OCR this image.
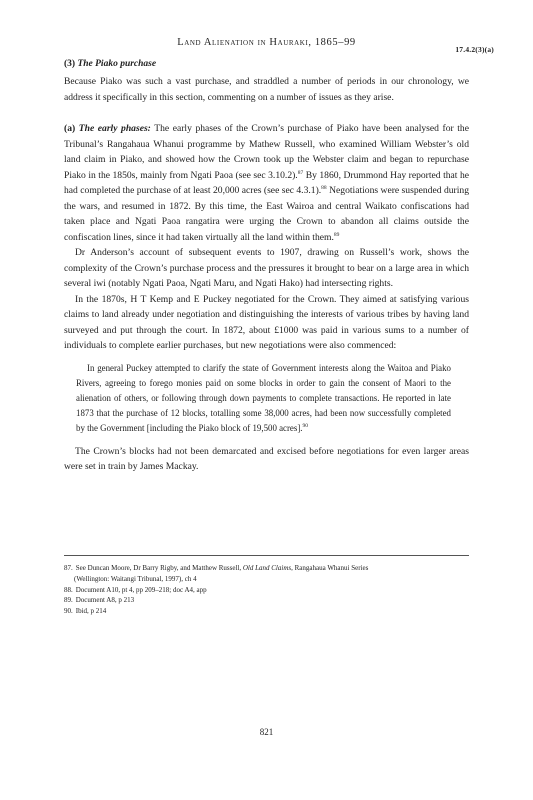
Land Alienation in Hauraki, 1865–99
17.4.2(3)(a)
(3) The Piako purchase

Because Piako was such a vast purchase, and straddled a number of periods in our chronology, we address it specifically in this section, commenting on a number of issues as they arise.

(a) The early phases: The early phases of the Crown’s purchase of Piako have been analysed for the Tribunal’s Rangahaua Whanui programme by Mathew Russell, who examined William Webster’s old land claim in Piako, and showed how the Crown took up the Webster claim and began to repurchase Piako in the 1850s, mainly from Ngati Paoa (see sec 3.10.2).$^{87}$ By 1860, Drummond Hay reported that he had completed the purchase of at least 20,000 acres (see sec 4.3.1).$^{88}$ Negotiations were suspended during the wars, and resumed in 1872. By this time, the East Wairoa and central Waikato confiscations had taken place and Ngati Paoa rangatira were urging the Crown to abandon all claims outside the confiscation lines, since it had taken virtually all the land within them.$^{89}$

Dr Anderson’s account of subsequent events to 1907, drawing on Russell’s work, shows the complexity of the Crown’s purchase process and the pressures it brought to bear on a large area in which several iwi (notably Ngati Paoa, Ngati Maru, and Ngati Hako) had intersecting rights.

In the 1870s, H T Kemp and E Puckey negotiated for the Crown. They aimed at satisfying various claims to land already under negotiation and distinguishing the interests of various tribes by having land surveyed and put through the court. In 1872, about £1000 was paid in various sums to a number of individuals to complete earlier purchases, but new negotiations were also commenced:

In general Puckey attempted to clarify the state of Government interests along the Waitoa and Piako Rivers, agreeing to forego monies paid on some blocks in order to gain the consent of Maori to the alienation of others, or following through down payments to complete transactions. He reported in late 1873 that the purchase of 12 blocks, totalling some 38,000 acres, had been now successfully completed by the Government [including the Piako block of 19,500 acres].$^{90}$

The Crown’s blocks had not been demarcated and excised before negotiations for even larger areas were set in train by James Mackay.

87. See Duncan Moore, Dr Barry Rigby, and Matthew Russell, Old Land Claims, Rangahaua Whanui Series
(Wellington: Waitangi Tribunal, 1997), ch 4
88. Document A10, pt 4, pp 209–218; doc A4, app
89. Document A8, p 213
90. Ibid, p 214
821
